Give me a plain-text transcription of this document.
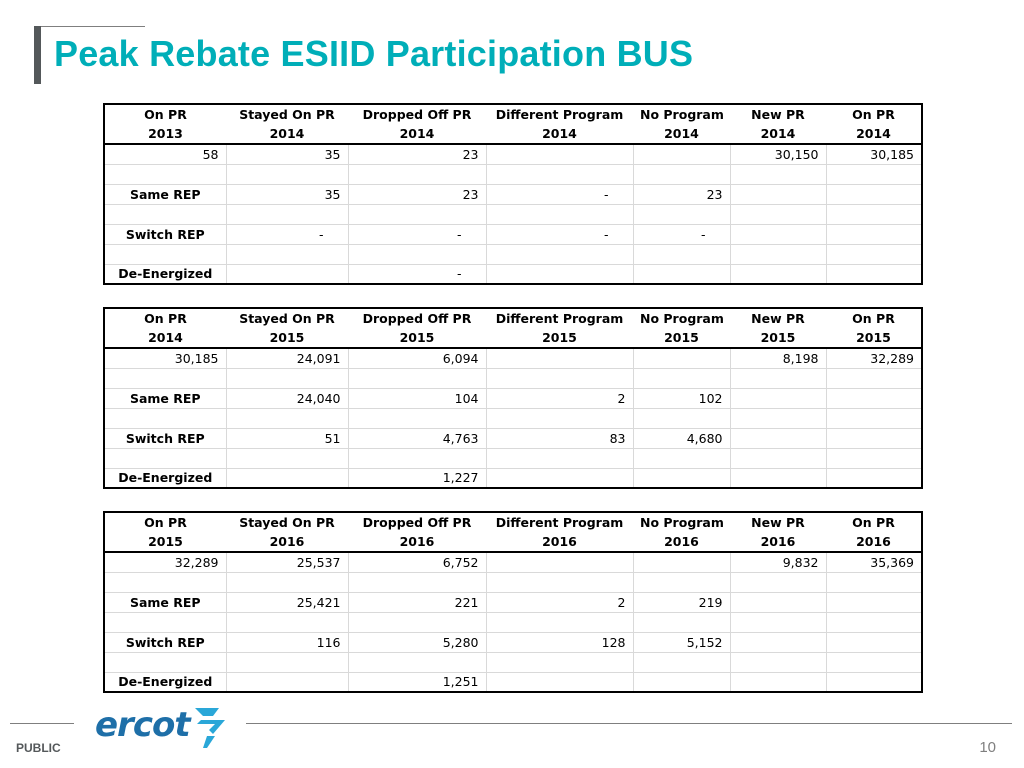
Peak Rebate ESIID Participation BUS
On PR	Stayed On PR	Dropped Off PR	Different Program	No Program	New PR	On PR
2013	2014	2014	2014	2014	2014	2014
58	35	23			30,150	30,185

Same REP	35	23	-	23		

Switch REP	-	-	-	-		

De-Energized		-				
On PR	Stayed On PR	Dropped Off PR	Different Program	No Program	New PR	On PR
2014	2015	2015	2015	2015	2015	2015
30,185	24,091	6,094			8,198	32,289

Same REP	24,040	104	2	102		

Switch REP	51	4,763	83	4,680		

De-Energized		1,227				
On PR	Stayed On PR	Dropped Off PR	Different Program	No Program	New PR	On PR
2015	2016	2016	2016	2016	2016	2016
32,289	25,537	6,752			9,832	35,369

Same REP	25,421	221	2	219		

Switch REP	116	5,280	128	5,152		

De-Energized		1,251				
ercot
PUBLIC	10
